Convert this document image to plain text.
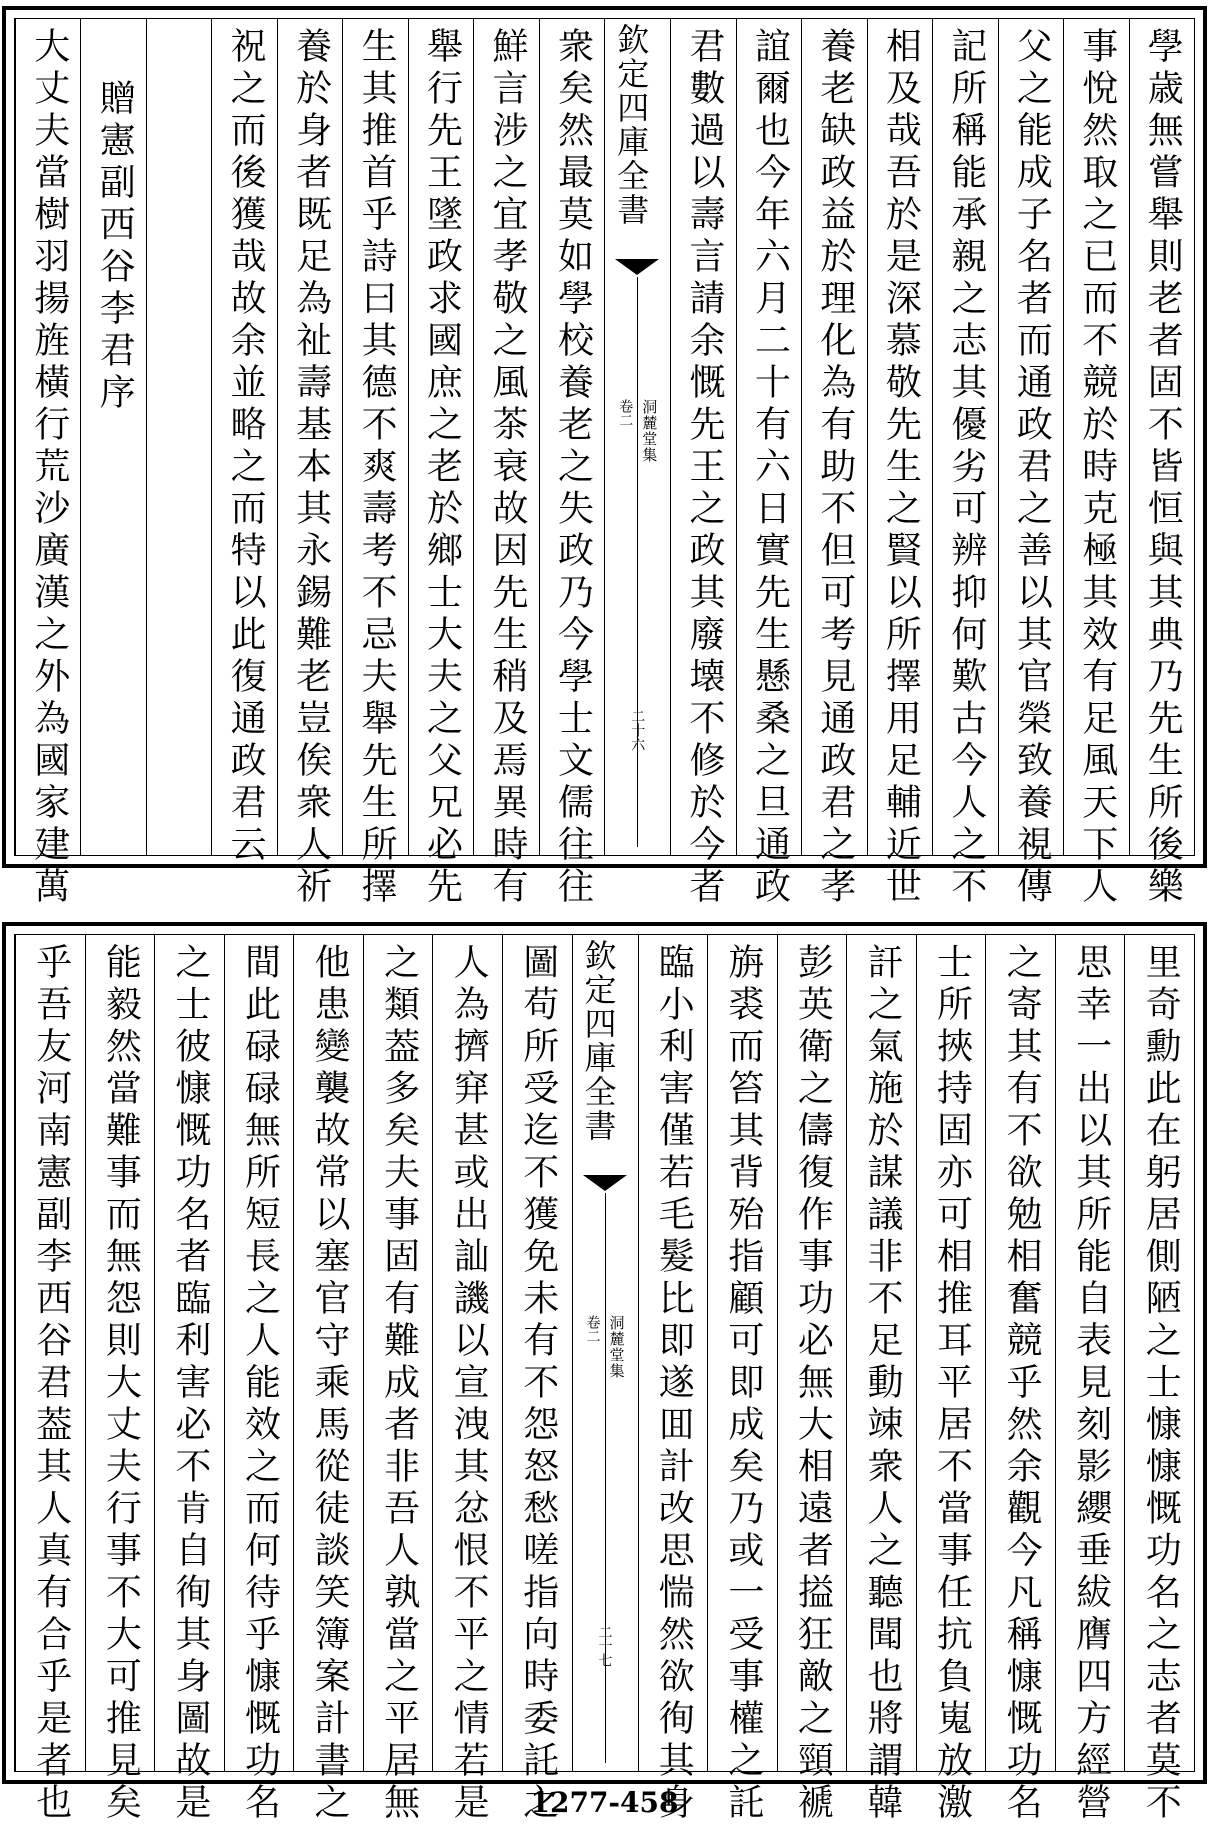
學歳無嘗舉則老者固不皆恒與其典乃先生所後樂
事悅然取之已而不競於時克極其效有足風天下人
父之能成子名者而通政君之善以其官榮致養視傳
記所稱能承親之志其優劣可辨抑何歎古今人之不
相及哉吾於是深慕敬先生之賢以所擇用足輔近世
養老缺政益於理化為有助不但可考見通政君之孝
誼爾也今年六月二十有六日實先生懸桑之旦通政
君數過以壽言請余慨先王之政其廢壊不修於今者
欽定四庫全書
洞麓堂集
卷二
二十六
衆矣然最莫如學校養老之失政乃今學士文儒往往
鮮言涉之宜孝敬之風茶衰故因先生稍及焉異時有
舉行先王墜政求國庶之老於鄉士大夫之父兄必先
生其推首乎詩曰其德不爽壽考不忌夫舉先生所擇
養於身者既足為祉壽基本其永錫難老豈俟衆人祈
祝之而後獲哉故余並略之而特以此復通政君云
贈憲副西谷李君序
大丈夫當樹羽揚旌橫行荒沙廣漢之外為國家建萬
里奇勳此在躬居側陋之士慷慷慨功名之志者莫不
思幸一出以其所能自表見刻影纓垂紱膺四方經營
之寄其有不欲勉相奮競乎然余觀今凡稱慷慨功名
士所挾持固亦可相推耳平居不當事任抗負嵬放激
訐之氣施於謀議非不足動竦衆人之聽聞也將謂韓
彭英衛之儔復作事功必無大相遠者搤狂敵之頸褫
旃裘而笞其背殆指顧可即成矣乃或一受事權之託
臨小利害僅若毛髮比即遂囬計改思惴然欲徇其身
欽定四庫全書
洞麓堂集
卷二
二十七
圖苟所受迄不獲免未有不怨怒愁嗟指向時委託之
人為擠穽甚或出訕譏以宣洩其忿恨不平之情若是
之類葢多矣夫事固有難成者非吾人孰當之平居無
他患變襲故常以塞官守乘馬從徒談笑簿案計書之
間此碌碌無所短長之人能效之而何待乎慷慨功名
之士彼慷慨功名者臨利害必不肯自徇其身圖故是
能毅然當難事而無怨則大丈夫行事不大可推見矣
乎吾友河南憲副李西谷君葢其人真有合乎是者也	1277-458
